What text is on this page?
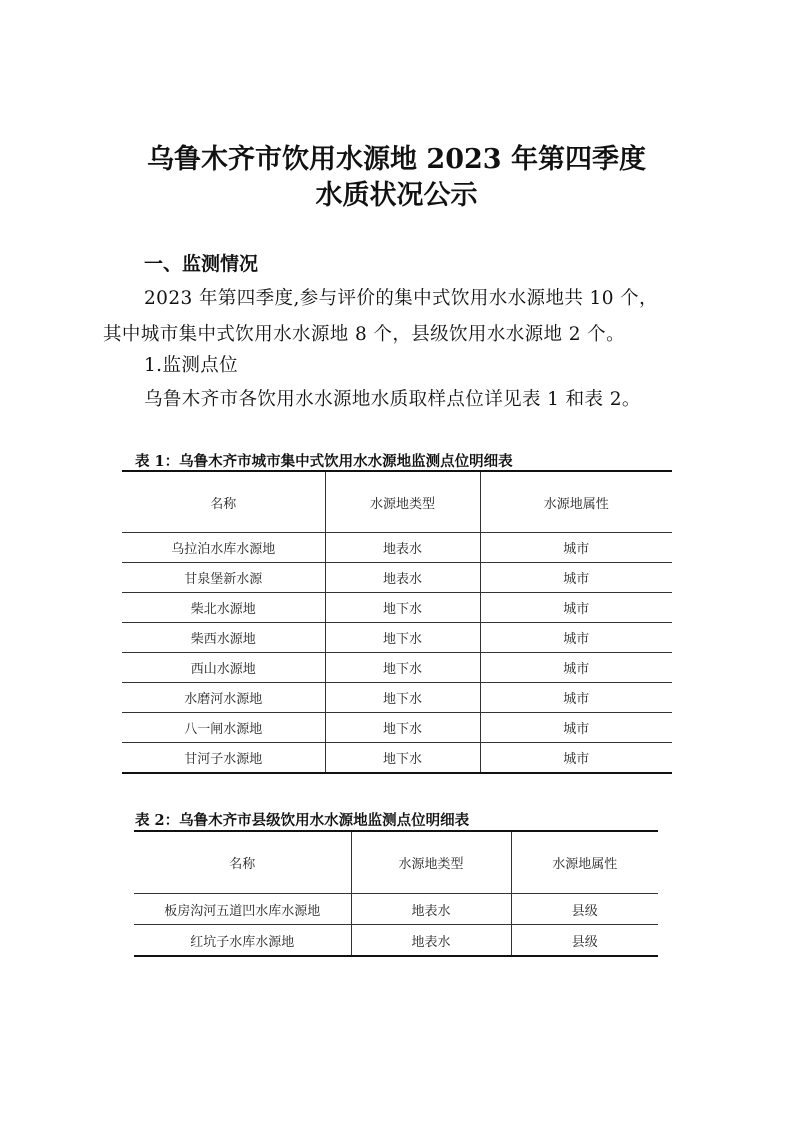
乌鲁木齐市饮用水源地 2023 年第四季度
水质状况公示
一、监测情况

2023 年第四季度,参与评价的集中式饮用水水源地共 10 个，

其中城市集中式饮用水水源地 8 个，县级饮用水水源地 2 个。

1.监测点位

乌鲁木齐市各饮用水水源地水质取样点位详见表 1 和表 2。

表 1：乌鲁木齐市城市集中式饮用水水源地监测点位明细表

名称	水源地类型	水源地属性
乌拉泊水库水源地	地表水	城市
甘泉堡新水源	地表水	城市
柴北水源地	地下水	城市
柴西水源地	地下水	城市
西山水源地	地下水	城市
水磨河水源地	地下水	城市
八一闸水源地	地下水	城市
甘河子水源地	地下水	城市

表 2：乌鲁木齐市县级饮用水水源地监测点位明细表

名称	水源地类型	水源地属性
板房沟河五道凹水库水源地	地表水	县级
红坑子水库水源地	地表水	县级
